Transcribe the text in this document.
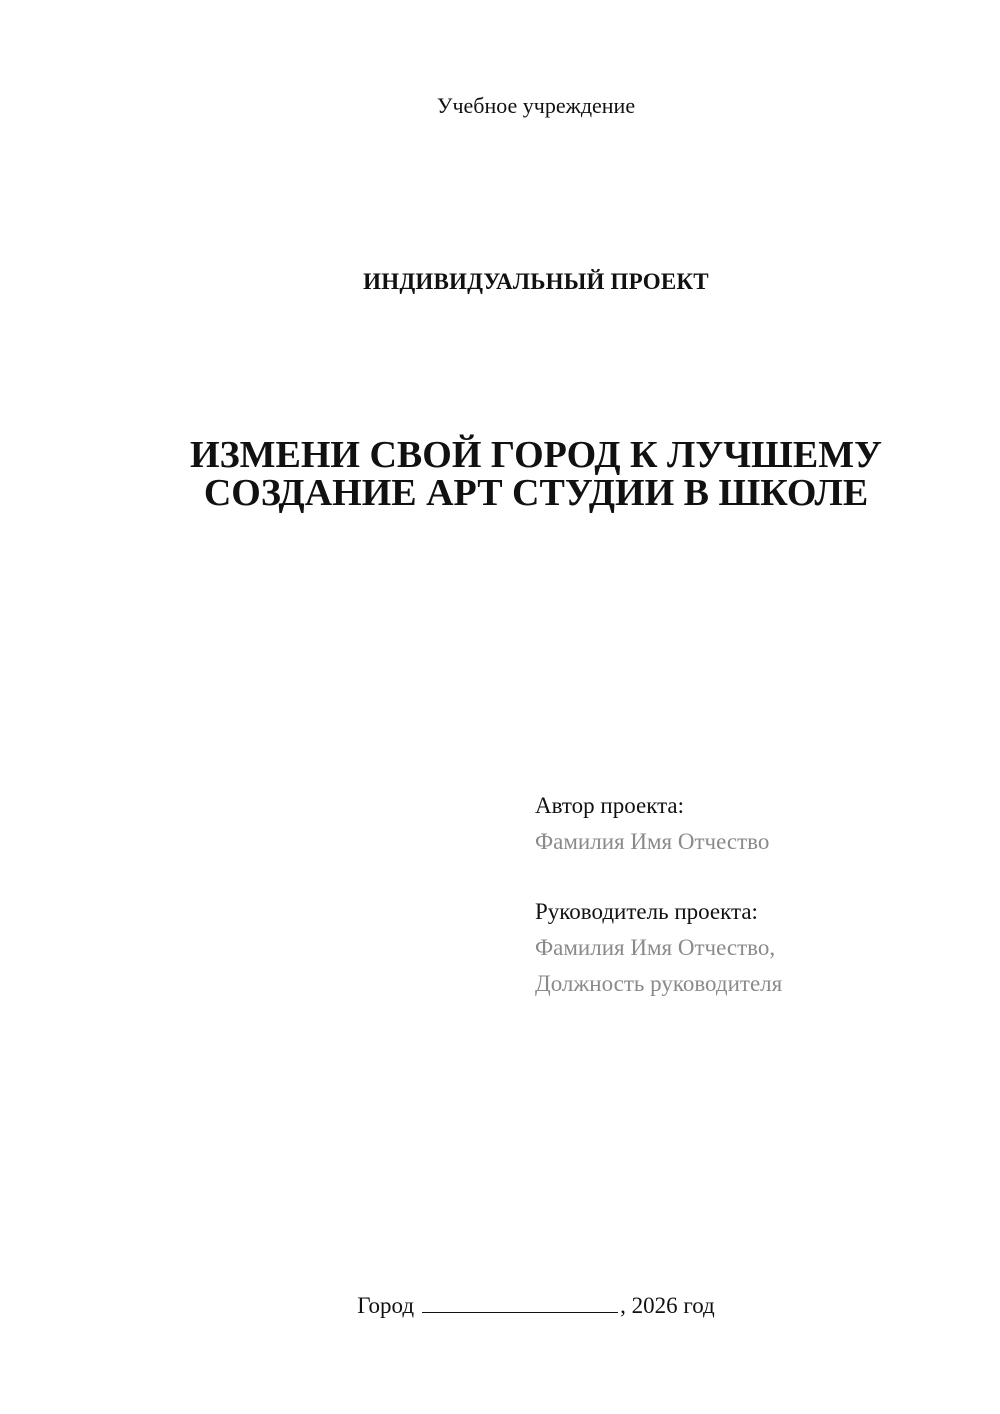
Учебное учреждение
ИНДИВИДУАЛЬНЫЙ ПРОЕКТ
ИЗМЕНИ СВОЙ ГОРОД К ЛУЧШЕМУ
СОЗДАНИЕ АРТ СТУДИИ В ШКОЛЕ
Автор проекта:
Фамилия Имя Отчество
Руководитель проекта:
Фамилия Имя Отчество,
Должность руководителя
Город	, 2026 год
